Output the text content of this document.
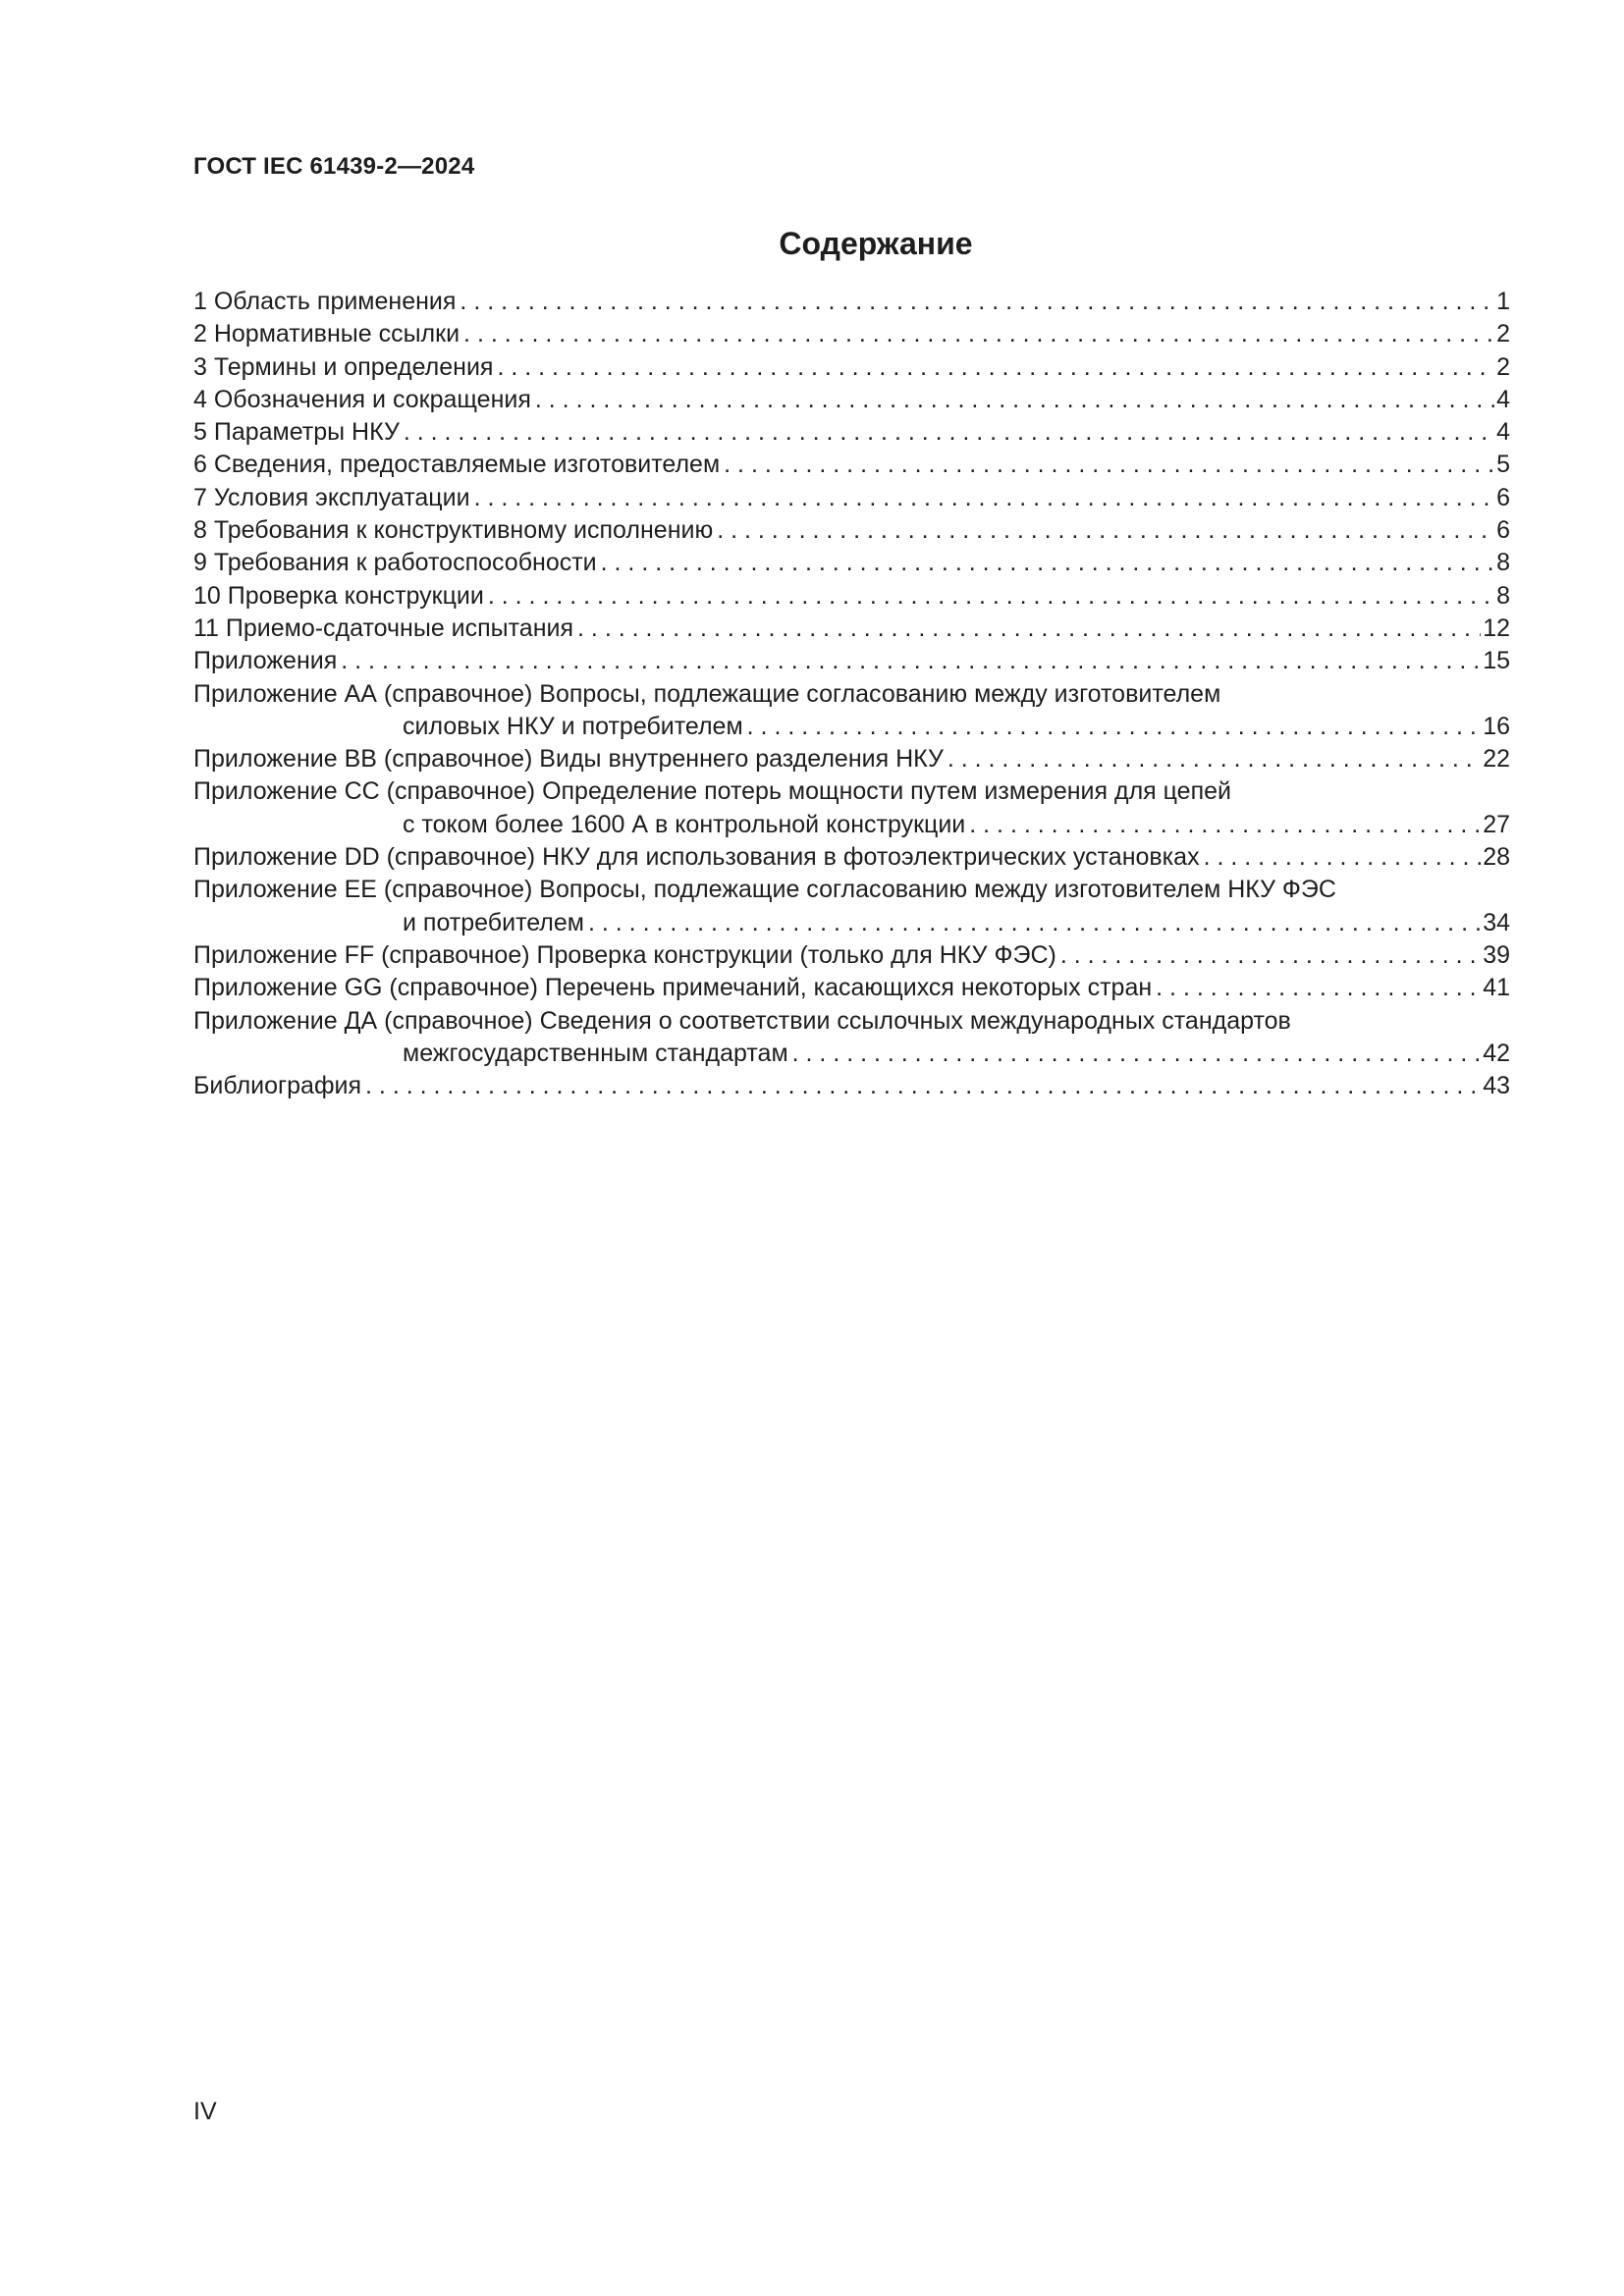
ГОСТ IEC 61439-2—2024
Содержание
1 Область применения . . .	1
2 Нормативные ссылки . . .	2
3 Термины и определения . . .	2
4 Обозначения и сокращения . . .	4
5 Параметры НКУ . . .	4
6 Сведения, предоставляемые изготовителем . . .	5
7 Условия эксплуатации . . .	6
8 Требования к конструктивному исполнению . . .	6
9 Требования к работоспособности . . .	8
10 Проверка конструкции . . .	8
11 Приемо-сдаточные испытания . . .	12
Приложения . . .	15
Приложение АА (справочное) Вопросы, подлежащие согласованию между изготовителем
силовых НКУ и потребителем . . .	16
Приложение ВВ (справочное) Виды внутреннего разделения НКУ . . .	22
Приложение СС (справочное) Определение потерь мощности путем измерения для цепей
с током более 1600 А в контрольной конструкции . . .	27
Приложение DD (справочное) НКУ для использования в фотоэлектрических установках . . .	28
Приложение ЕЕ (справочное) Вопросы, подлежащие согласованию между изготовителем НКУ ФЭС
и потребителем . . .	34
Приложение FF (справочное) Проверка конструкции (только для НКУ ФЭС) . . .	39
Приложение GG (справочное) Перечень примечаний, касающихся некоторых стран . . .	41
Приложение ДА (справочное) Сведения о соответствии ссылочных международных стандартов
межгосударственным стандартам . . .	42
Библиография . . .	43
IV
